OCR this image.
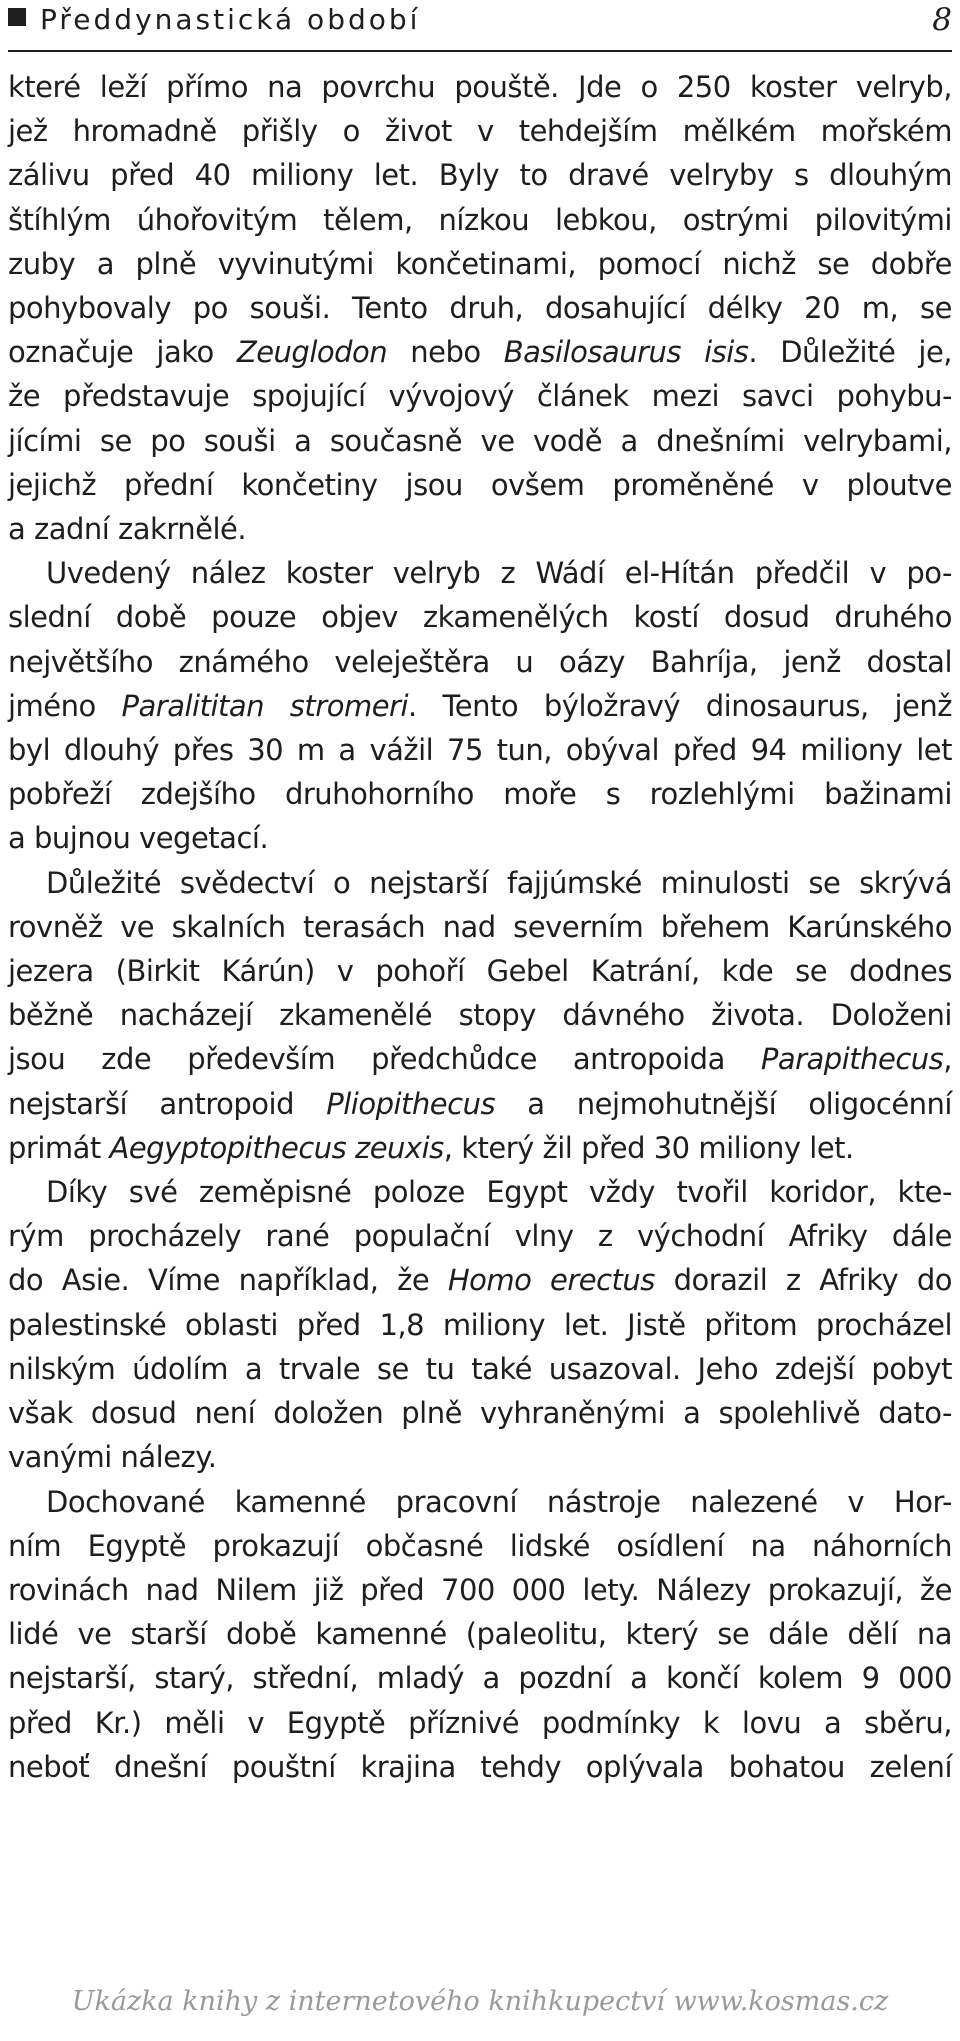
Předdynastická období	8

které leží přímo na povrchu pouště. Jde o 250 koster velryb,

jež hromadně přišly o život v tehdejším mělkém mořském

zálivu před 40 miliony let. Byly to dravé velryby s dlouhým

štíhlým úhořovitým tělem, nízkou lebkou, ostrými pilovitými

zuby a plně vyvinutými končetinami, pomocí nichž se dobře

pohybovaly po souši. Tento druh, dosahující délky 20 m, se

označuje jako Zeuglodon nebo Basilosaurus isis. Důležité je,

že představuje spojující vývojový článek mezi savci pohybu-

jícími se po souši a současně ve vodě a dnešními velrybami,

jejichž přední končetiny jsou ovšem proměněné v ploutve

a zadní zakrnělé.

Uvedený nález koster velryb z Wádí el-Hítán předčil v po-

slední době pouze objev zkamenělých kostí dosud druhého

největšího známého veleještěra u oázy Bahríja, jenž dostal

jméno Paralititan stromeri. Tento býložravý dinosaurus, jenž

byl dlouhý přes 30 m a vážil 75 tun, obýval před 94 miliony let

pobřeží zdejšího druhohorního moře s rozlehlými bažinami

a bujnou vegetací.

Důležité svědectví o nejstarší fajjúmské minulosti se skrývá

rovněž ve skalních terasách nad severním břehem Karúnského

jezera (Birkit Kárún) v pohoří Gebel Katrání, kde se dodnes

běžně nacházejí zkamenělé stopy dávného života. Doloženi

jsou zde především předchůdce antropoida Parapithecus,

nejstarší antropoid Pliopithecus a nejmohutnější oligocénní

primát Aegyptopithecus zeuxis, který žil před 30 miliony let.

Díky své zeměpisné poloze Egypt vždy tvořil koridor, kte-

rým procházely rané populační vlny z východní Afriky dále

do Asie. Víme například, že Homo erectus dorazil z Afriky do

palestinské oblasti před 1,8 miliony let. Jistě přitom procházel

nilským údolím a trvale se tu také usazoval. Jeho zdejší pobyt

však dosud není doložen plně vyhraněnými a spolehlivě dato-

vanými nálezy.

Dochované kamenné pracovní nástroje nalezené v Hor-

ním Egyptě prokazují občasné lidské osídlení na náhorních

rovinách nad Nilem již před 700 000 lety. Nálezy prokazují, že

lidé ve starší době kamenné (paleolitu, který se dále dělí na

nejstarší, starý, střední, mladý a pozdní a končí kolem 9 000

před Kr.) měli v Egyptě příznivé podmínky k lovu a sběru,

neboť dnešní pouštní krajina tehdy oplývala bohatou zelení

Ukázka knihy z internetového knihkupectví www.kosmas.cz
